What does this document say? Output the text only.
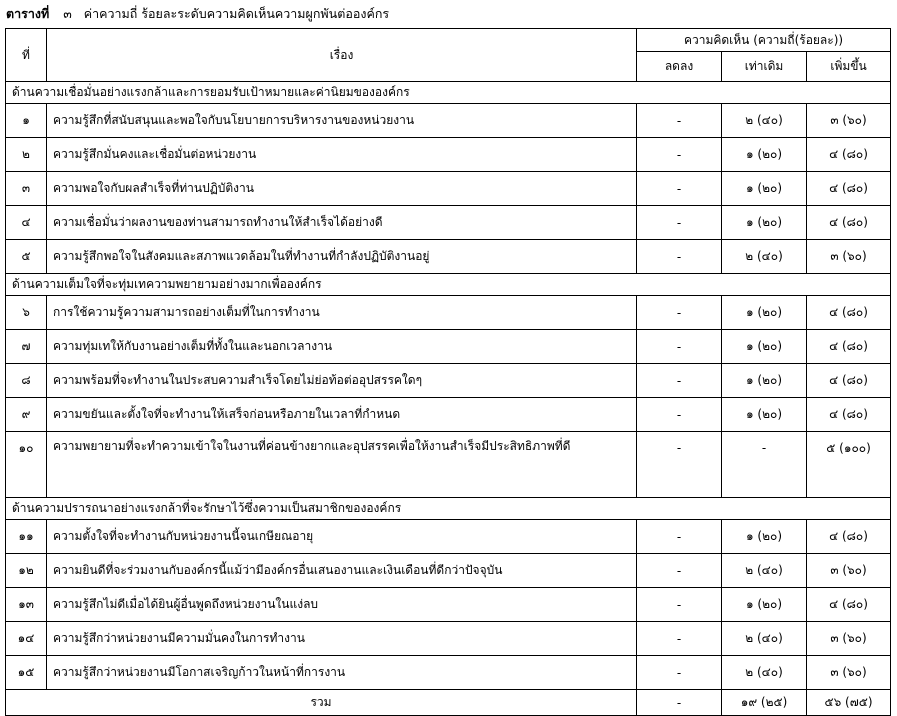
ตารางที่ ๓ ค่าความถี่ ร้อยละระดับความคิดเห็นความผูกพันต่อองค์กร
ที่	เรื่อง	ความคิดเห็น (ความถี่(ร้อยละ))		
		ลดลง	เท่าเดิม	เพิ่มขึ้น
ด้านความเชื่อมั่นอย่างแรงกล้าและการยอมรับเป้าหมายและค่านิยมขององค์กร				
๑	ความรู้สึกที่สนับสนุนและพอใจกับนโยบายการบริหารงานของหน่วยงาน	-	๒ (๔๐)	๓ (๖๐)
๒	ความรู้สึกมั่นคงและเชื่อมั่นต่อหน่วยงาน	-	๑ (๒๐)	๔ (๘๐)
๓	ความพอใจกับผลสำเร็จที่ท่านปฏิบัติงาน	-	๑ (๒๐)	๔ (๘๐)
๔	ความเชื่อมั่นว่าผลงานของท่านสามารถทำงานให้สำเร็จได้อย่างดี	-	๑ (๒๐)	๔ (๘๐)
๕	ความรู้สึกพอใจในสังคมและสภาพแวดล้อมในที่ทำงานที่กำลังปฏิบัติงานอยู่	-	๒ (๔๐)	๓ (๖๐)
ด้านความเต็มใจที่จะทุ่มเทความพยายามอย่างมากเพื่อองค์กร				
๖	การใช้ความรู้ความสามารถอย่างเต็มที่ในการทำงาน	-	๑ (๒๐)	๔ (๘๐)
๗	ความทุ่มเทให้กับงานอย่างเต็มที่ทั้งในและนอกเวลางาน	-	๑ (๒๐)	๔ (๘๐)
๘	ความพร้อมที่จะทำงานในประสบความสำเร็จโดยไม่ย่อท้อต่ออุปสรรคใดๆ	-	๑ (๒๐)	๔ (๘๐)
๙	ความขยันและตั้งใจที่จะทำงานให้เสร็จก่อนหรือภายในเวลาที่กำหนด	-	๑ (๒๐)	๔ (๘๐)
๑๐	ความพยายามที่จะทำความเข้าใจในงานที่ค่อนข้างยากและอุปสรรคเพื่อให้งานสำเร็จมีประสิทธิภาพที่ดี	-	-	๕ (๑๐๐)
ด้านความปรารถนาอย่างแรงกล้าที่จะรักษาไว้ซึ่งความเป็นสมาชิกขององค์กร				
๑๑	ความตั้งใจที่จะทำงานกับหน่วยงานนี้จนเกษียณอายุ	-	๑ (๒๐)	๔ (๘๐)
๑๒	ความยินดีที่จะร่วมงานกับองค์กรนี้แม้ว่ามีองค์กรอื่นเสนองานและเงินเดือนที่ดีกว่าปัจจุบัน	-	๒ (๔๐)	๓ (๖๐)
๑๓	ความรู้สึกไม่ดีเมื่อได้ยินผู้อื่นพูดถึงหน่วยงานในแง่ลบ	-	๑ (๒๐)	๔ (๘๐)
๑๔	ความรู้สึกว่าหน่วยงานมีความมั่นคงในการทำงาน	-	๒ (๔๐)	๓ (๖๐)
๑๕	ความรู้สึกว่าหน่วยงานมีโอกาสเจริญก้าวในหน้าที่การงาน	-	๒ (๔๐)	๓ (๖๐)
รวม		-	๑๙ (๒๕)	๕๖ (๗๕)
